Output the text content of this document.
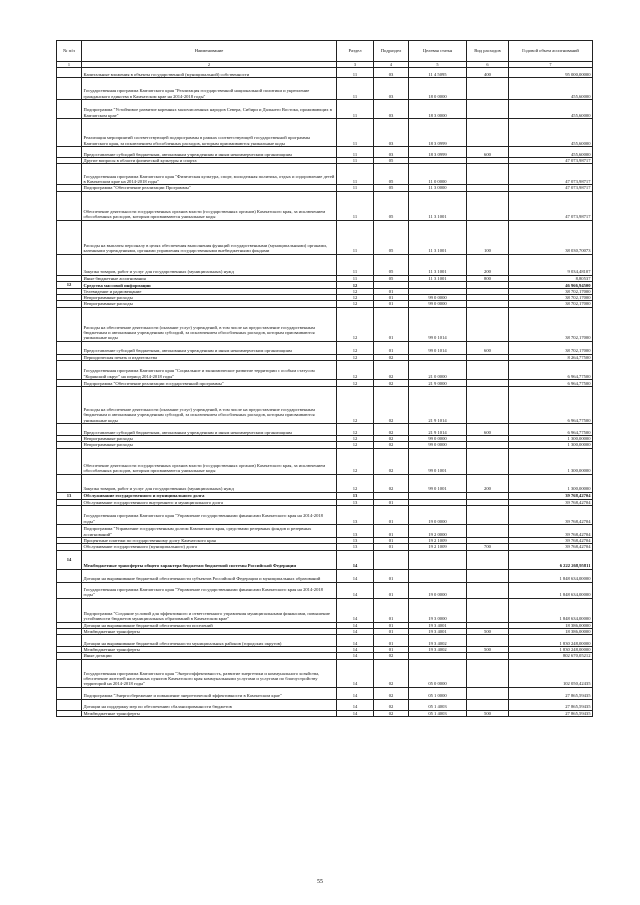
№ п/п	Наименование	Раздел	Подраздел	Целевая статья	Вид расходов	Годовой объем ассигнований
1	2	3	4	5	6	7
	Капитальные вложения в объекты государственной (муниципальной) собственности	11	03	11 4 5095	400	95 000,00000
	Государственная программа Камчатского края "Реализация государственной национальной политики и укрепление гражданского единства в Камчатском крае на 2014-2018 годы"	11	03	18 0 0000		455,60000
	Подпрограмма "Устойчивое развитие коренных малочисленных народов Севера, Сибири и Дальнего Востока, проживающих в Камчатском крае"	11	03	18 3 0000		455,60000
	Реализация мероприятий соответствующей подпрограммы в рамках соответствующей государственной программы Камчатского края, за исключением обособленных расходов, которым присваиваются уникальные коды	11	03	18 3 0999		455,60000
	Предоставление субсидий бюджетным, автономным учреждениям и иным некоммерческим организациям	11	03	18 3 0999	600	455,60000
	Другие вопросы в области физической культуры и спорта	11	05			47 073,98717
	Государственная программа Камчатского края "Физическая культура, спорт, молодежная политика, отдых и оздоровление детей в Камчатском крае на 2014-2018 годы"	11	05	11 0 0000		47 073,98717
	Подпрограмма "Обеспечение реализации Программы"	11	05	11 3 0000		47 073,98717
	Обеспечение деятельности государственных органов власти (государственных органов) Камчатского края, за исключением обособленных расходов, которым присваиваются уникальные коды	11	05	11 3 1001		47 073,98717
	Расходы на выплаты персоналу в целях обеспечения выполнения функций государственными (муниципальными) органами, казенными учреждениями, органами управления государственными внебюджетными фондами	11	05	11 3 1001	100	38 030,70073
	Закупка товаров, работ и услуг для государственных (муниципальных) нужд	11	05	11 3 1001	200	9 034,48107
	Иные бюджетные ассигнования	11	05	11 3 1001	800	8,80537
12	Средства массовой информации	12				46 966,94500
	Телевидение и радиовещание	12	01			38 702,17000
	Непрограммные расходы	12	01	99 0 0000		38 702,17000
	Непрограммные расходы	12	01	99 0 0000		38 702,17000
	Расходы на обеспечение деятельности (оказание услуг) учреждений, в том числе на предоставление государственным бюджетным и автономным учреждениям субсидий, за исключением обособленных расходов, которым присваиваются уникальные коды	12	01	99 0 1014		38 702,17000
	Предоставление субсидий бюджетным, автономным учреждениям и иным некоммерческим организациям	12	01	99 0 1014	600	38 702,17000
	Периодическая печать и издательства	12	02			8 264,77500
	Государственная программа Камчатского края "Социальное и экономическое развитие территории с особым статусом "Корякский округ" на период 2014-2018 годы"	12	02	21 0 0000		6 964,77500
	Подпрограмма "Обеспечение реализации государственной программы"	12	02	21 9 0000		6 964,77500
	Расходы на обеспечение деятельности (оказание услуг) учреждений, в том числе на предоставление государственным бюджетным и автономным учреждениям субсидий, за исключением обособленных расходов, которым присваиваются уникальные коды	12	02	21 9 1014		6 964,77500
	Предоставление субсидий бюджетным, автономным учреждениям и иным некоммерческим организациям	12	02	21 9 1014	600	6 964,77500
	Непрограммные расходы	12	02	99 0 0000		1 300,00000
	Непрограммные расходы	12	02	99 0 0000		1 300,00000
	Обеспечение деятельности государственных органов власти (государственных органов) Камчатского края, за исключением обособленных расходов, которым присваиваются уникальные коды	12	02	99 0 1001		1 300,00000
	Закупка товаров, работ и услуг для государственных (муниципальных) нужд	12	02	99 0 1001	200	1 300,00000
13	Обслуживание государственного и муниципального долга	13				39 768,42704
	Обслуживание государственного внутреннего и муниципального долга	13	01			39 768,42704
	Государственная программа Камчатского края "Управление государственными финансами Камчатского края на 2014-2018 годы"	13	01	19 0 0000		39 768,42704
	Подпрограмма "Управление государственным долгом Камчатского края, средствами резервных фондов и резервных ассигнований"	13	01	19 2 0000		39 768,42704
	Процентные платежи по государственному долгу Камчатского края	13	01	19 2 1009		39 768,42704
	Обслуживание государственного (муниципального) долга	13	01	19 2 1009	700	39 768,42704
14	Межбюджетные трансферты общего характера бюджетам бюджетной системы Российской Федерации	14				6 222 268,95811
	Дотации на выравнивание бюджетной обеспеченности субъектов Российской Федерации и муниципальных образований	14	01			1 848 634,00000
	Государственная программа Камчатского края "Управление государственными финансами Камчатского края на 2014-2018 годы"	14	01	19 0 0000		1 848 634,00000
	Подпрограмма "Создание условий для эффективного и ответственного управления муниципальными финансами, повышение устойчивости бюджетов муниципальных образований в Камчатском крае"	14	01	19 3 0000		1 848 634,00000
	Дотации на выравнивание бюджетной обеспеченности поселений	14	01	19 3 4001		18 386,00000
	Межбюджетные трансферты	14	01	19 3 4001	500	18 386,00000
	Дотации на выравнивание бюджетной обеспеченности муниципальных районов (городских округов)	14	01	19 3 4002		1 830 248,00000
	Межбюджетные трансферты	14	01	19 3 4002	500	1 830 248,00000
	Иные дотации	14	02			802 670,05212
	Государственная программа Камчатского края "Энергоэффективность, развитие энергетики и коммунального хозяйства, обеспечение жителей населенных пунктов Камчатского края коммунальными услугами и услугами по благоустройству территорий на 2014-2018 годы"	14	02	05 0 0000		102 050,42435
	Подпрограмма "Энергосбережение и повышение энергетической эффективности в Камчатском крае"	14	02	05 1 0000		27 865,59435
	Дотации на поддержку мер по обеспечению сбалансированности бюджетов	14	02	05 1 4003		27 865,59435
	Межбюджетные трансферты	14	02	05 1 4003	500	27 865,59435
55
